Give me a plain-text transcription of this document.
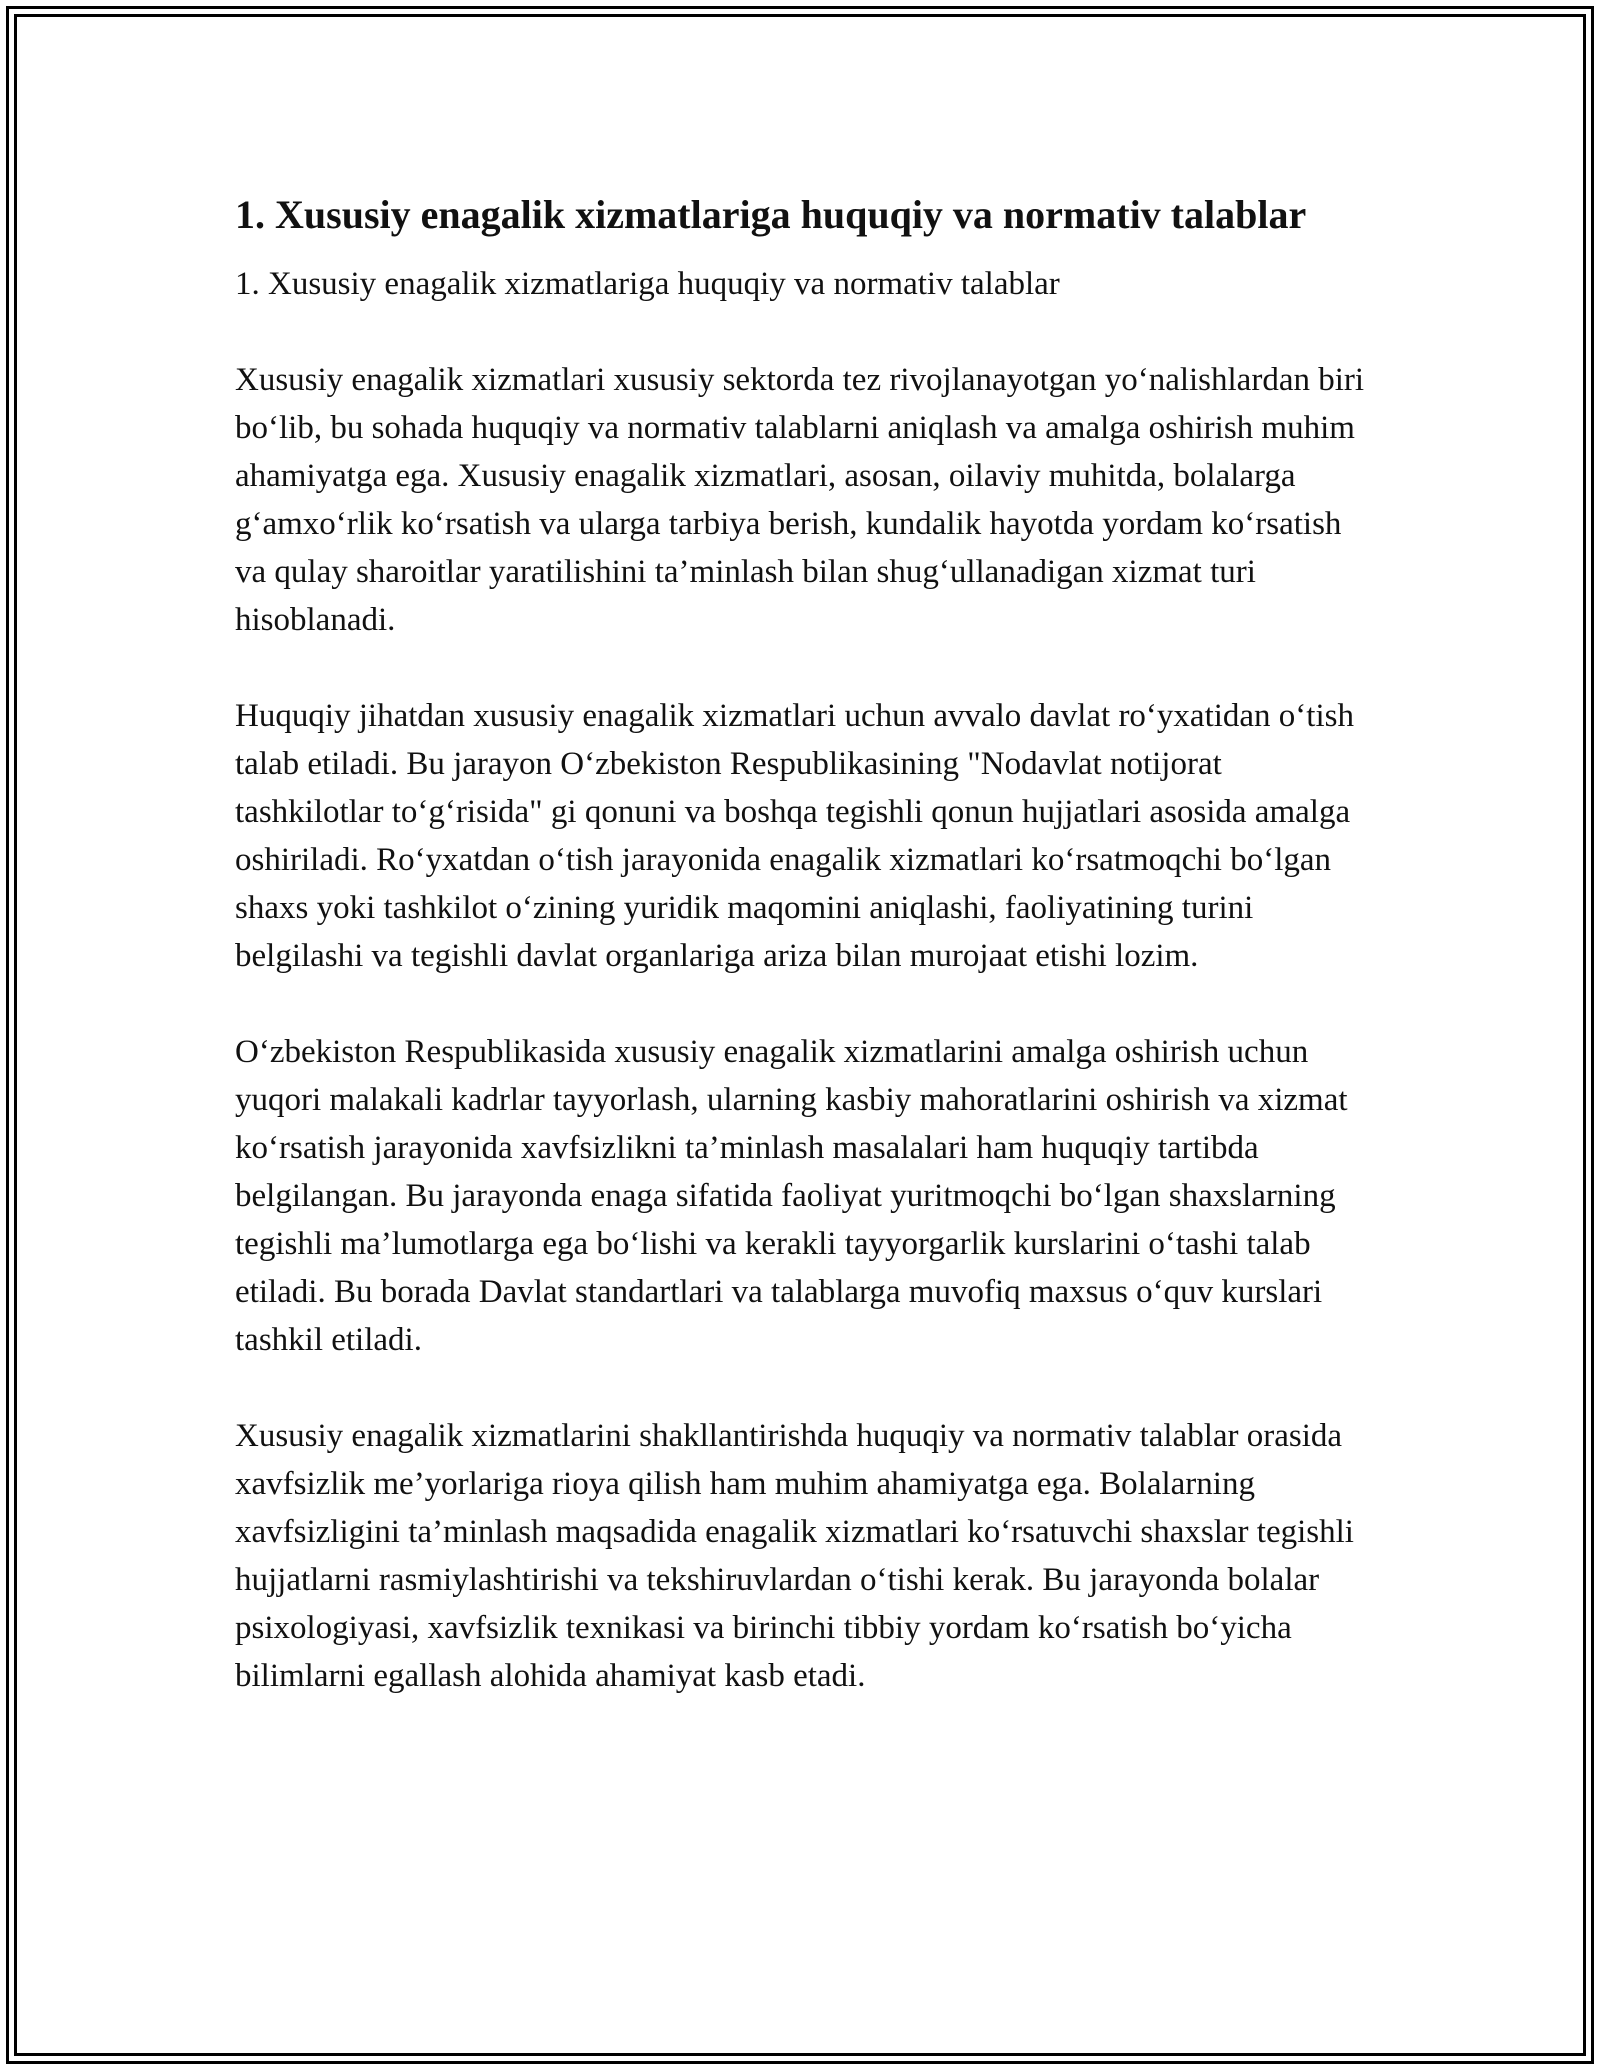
1. Xususiy enagalik xizmatlariga huquqiy va normativ talablar

1. Xususiy enagalik xizmatlariga huquqiy va normativ talablar

Xususiy enagalik xizmatlari xususiy sektorda tez rivojlanayotgan yo‘nalishlardan biri bo‘lib, bu sohada huquqiy va normativ talablarni aniqlash va amalga oshirish muhim ahamiyatga ega. Xususiy enagalik xizmatlari, asosan, oilaviy muhitda, bolalarga g‘amxo‘rlik ko‘rsatish va ularga tarbiya berish, kundalik hayotda yordam ko‘rsatish va qulay sharoitlar yaratilishini ta’minlash bilan shug‘ullanadigan xizmat turi hisoblanadi.

Huquqiy jihatdan xususiy enagalik xizmatlari uchun avvalo davlat ro‘yxatidan o‘tish talab etiladi. Bu jarayon O‘zbekiston Respublikasining "Nodavlat notijorat tashkilotlar to‘g‘risida" gi qonuni va boshqa tegishli qonun hujjatlari asosida amalga oshiriladi. Ro‘yxatdan o‘tish jarayonida enagalik xizmatlari ko‘rsatmoqchi bo‘lgan shaxs yoki tashkilot o‘zining yuridik maqomini aniqlashi, faoliyatining turini belgilashi va tegishli davlat organlariga ariza bilan murojaat etishi lozim.

O‘zbekiston Respublikasida xususiy enagalik xizmatlarini amalga oshirish uchun yuqori malakali kadrlar tayyorlash, ularning kasbiy mahoratlarini oshirish va xizmat ko‘rsatish jarayonida xavfsizlikni ta’minlash masalalari ham huquqiy tartibda belgilangan. Bu jarayonda enaga sifatida faoliyat yuritmoqchi bo‘lgan shaxslarning tegishli ma’lumotlarga ega bo‘lishi va kerakli tayyorgarlik kurslarini o‘tashi talab etiladi. Bu borada Davlat standartlari va talablarga muvofiq maxsus o‘quv kurslari tashkil etiladi.

Xususiy enagalik xizmatlarini shakllantirishda huquqiy va normativ talablar orasida xavfsizlik me’yorlariga rioya qilish ham muhim ahamiyatga ega. Bolalarning xavfsizligini ta’minlash maqsadida enagalik xizmatlari ko‘rsatuvchi shaxslar tegishli hujjatlarni rasmiylashtirishi va tekshiruvlardan o‘tishi kerak. Bu jarayonda bolalar psixologiyasi, xavfsizlik texnikasi va birinchi tibbiy yordam ko‘rsatish bo‘yicha bilimlarni egallash alohida ahamiyat kasb etadi.
